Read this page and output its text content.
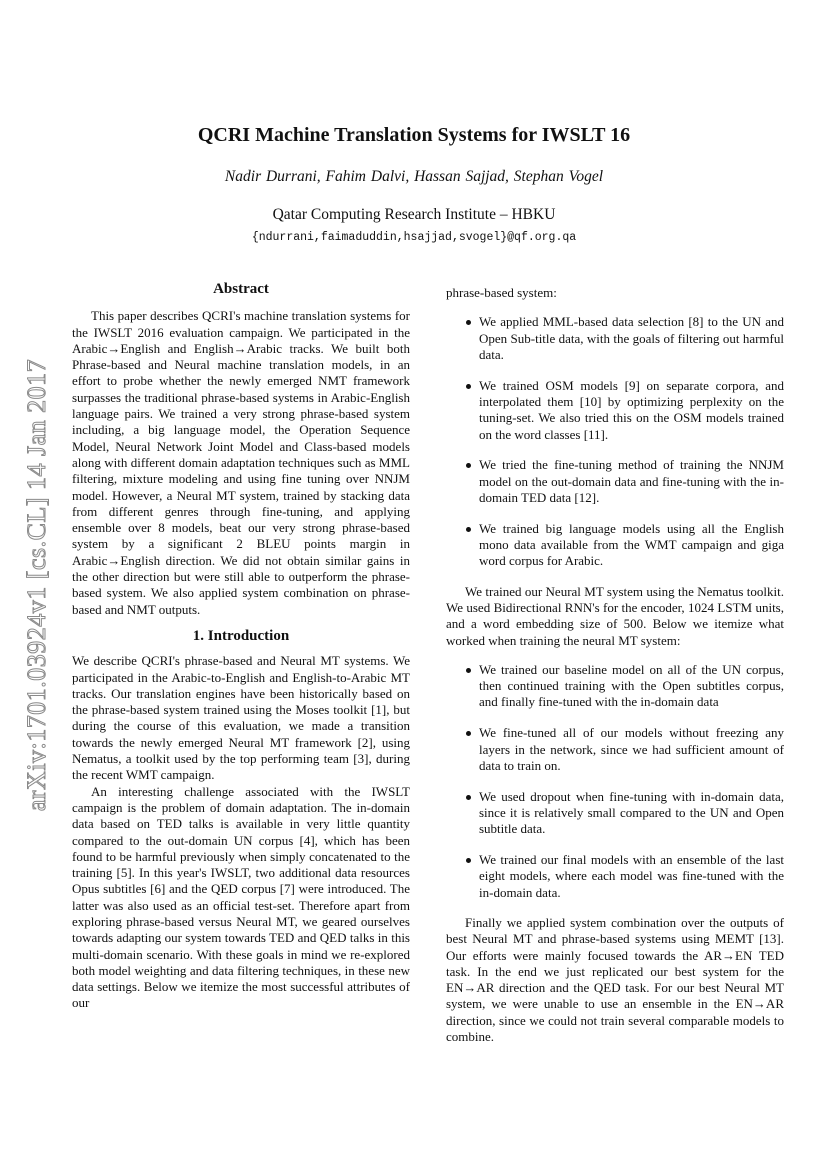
QCRI Machine Translation Systems for IWSLT 16
Nadir Durrani, Fahim Dalvi, Hassan Sajjad, Stephan Vogel
Qatar Computing Research Institute – HBKU
{ndurrani,faimaduddin,hsajjad,svogel}@qf.org.qa
arXiv:1701.03924v1 [cs.CL] 14 Jan 2017
Abstract

This paper describes QCRI's machine translation systems for the IWSLT 2016 evaluation campaign. We participated in the Arabic→English and English→Arabic tracks. We built both Phrase-based and Neural machine translation models, in an effort to probe whether the newly emerged NMT framework surpasses the traditional phrase-based systems in Arabic-English language pairs. We trained a very strong phrase-based system including, a big language model, the Operation Sequence Model, Neural Network Joint Model and Class-based models along with different domain adaptation techniques such as MML filtering, mixture modeling and using fine tuning over NNJM model. However, a Neural MT system, trained by stacking data from different genres through fine-tuning, and applying ensemble over 8 models, beat our very strong phrase-based system by a significant 2 BLEU points margin in Arabic→English direction. We did not obtain similar gains in the other direction but were still able to outperform the phrase-based system. We also applied system combination on phrase-based and NMT outputs.

1. Introduction

We describe QCRI's phrase-based and Neural MT systems. We participated in the Arabic-to-English and English-to-Arabic MT tracks. Our translation engines have been historically based on the phrase-based system trained using the Moses toolkit [1], but during the course of this evaluation, we made a transition towards the newly emerged Neural MT framework [2], using Nematus, a toolkit used by the top performing team [3], during the recent WMT campaign.

An interesting challenge associated with the IWSLT campaign is the problem of domain adaptation. The in-domain data based on TED talks is available in very little quantity compared to the out-domain UN corpus [4], which has been found to be harmful previously when simply concatenated to the training [5]. In this year's IWSLT, two additional data resources Opus subtitles [6] and the QED corpus [7] were introduced. The latter was also used as an official test-set. Therefore apart from exploring phrase-based versus Neural MT, we geared ourselves towards adapting our system towards TED and QED talks in this multi-domain scenario. With these goals in mind we re-explored both model weighting and data filtering techniques, in these new data settings. Below we itemize the most successful attributes of our

phrase-based system:

We applied MML-based data selection [8] to the UN and Open Sub-title data, with the goals of filtering out harmful data.
We trained OSM models [9] on separate corpora, and interpolated them [10] by optimizing perplexity on the tuning-set. We also tried this on the OSM models trained on the word classes [11].
We tried the fine-tuning method of training the NNJM model on the out-domain data and fine-tuning with the in-domain TED data [12].
We trained big language models using all the English mono data available from the WMT campaign and giga word corpus for Arabic.

We trained our Neural MT system using the Nematus toolkit. We used Bidirectional RNN's for the encoder, 1024 LSTM units, and a word embedding size of 500. Below we itemize what worked when training the neural MT system:

We trained our baseline model on all of the UN corpus, then continued training with the Open subtitles corpus, and finally fine-tuned with the in-domain data
We fine-tuned all of our models without freezing any layers in the network, since we had sufficient amount of data to train on.
We used dropout when fine-tuning with in-domain data, since it is relatively small compared to the UN and Open subtitle data.
We trained our final models with an ensemble of the last eight models, where each model was fine-tuned with the in-domain data.

Finally we applied system combination over the outputs of best Neural MT and phrase-based systems using MEMT [13]. Our efforts were mainly focused towards the AR→EN TED task. In the end we just replicated our best system for the EN→AR direction and the QED task. For our best Neural MT system, we were unable to use an ensemble in the EN→AR direction, since we could not train several comparable models to combine.
